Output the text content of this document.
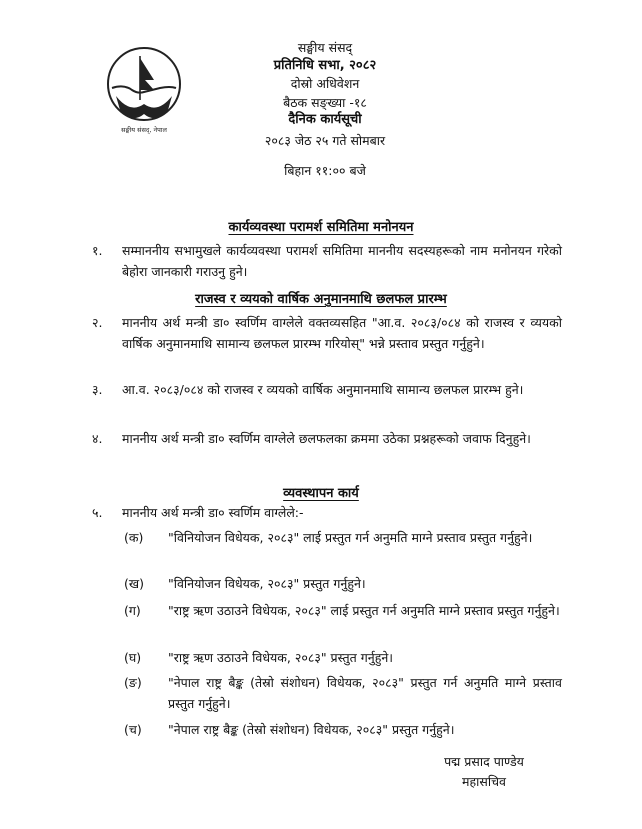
सङ्घीय संसद्, नेपाल
सङ्घीय संसद्
प्रतिनिधि सभा, २०८२
दोस्रो अधिवेशन
बैठक सङ्ख्या -१८
दैनिक कार्यसूची
२०८३ जेठ २५ गते सोमबार
बिहान ११:०० बजे
कार्यव्यवस्था परामर्श समितिमा मनोनयन
१.	सम्माननीय सभामुखले कार्यव्यवस्था परामर्श समितिमा माननीय सदस्यहरूको नाम मनोनयन गरेको बेहोरा जानकारी गराउनु हुने।
राजस्व र व्ययको वार्षिक अनुमानमाथि छलफल प्रारम्भ
२.	माननीय अर्थ मन्त्री डा० स्वर्णिम वाग्लेले वक्तव्यसहित "आ.व. २०८३/०८४ को राजस्व र व्ययको वार्षिक अनुमानमाथि सामान्य छलफल प्रारम्भ गरियोस्" भन्ने प्रस्ताव प्रस्तुत गर्नुहुने।
३.	आ.व. २०८३/०८४ को राजस्व र व्ययको वार्षिक अनुमानमाथि सामान्य छलफल प्रारम्भ हुने।
४.	माननीय अर्थ मन्त्री डा० स्वर्णिम वाग्लेले छलफलका क्रममा उठेका प्रश्नहरूको जवाफ दिनुहुने।
व्यवस्थापन कार्य
५.	माननीय अर्थ मन्त्री डा० स्वर्णिम वाग्लेले:-
(क)	"विनियोजन विधेयक, २०८३" लाई प्रस्तुत गर्न अनुमति माग्ने प्रस्ताव प्रस्तुत गर्नुहुने।
(ख)	"विनियोजन विधेयक, २०८३" प्रस्तुत गर्नुहुने।
(ग)	"राष्ट्र ऋण उठाउने विधेयक, २०८३" लाई प्रस्तुत गर्न अनुमति माग्ने प्रस्ताव प्रस्तुत गर्नुहुने।
(घ)	"राष्ट्र ऋण उठाउने विधेयक, २०८३" प्रस्तुत गर्नुहुने।
(ङ)	"नेपाल राष्ट्र बैङ्क (तेस्रो संशोधन) विधेयक, २०८३" प्रस्तुत गर्न अनुमति माग्ने प्रस्ताव प्रस्तुत गर्नुहुने।
(च)	"नेपाल राष्ट्र बैङ्क (तेस्रो संशोधन) विधेयक, २०८३" प्रस्तुत गर्नुहुने।
पद्म प्रसाद पाण्डेय
महासचिव
